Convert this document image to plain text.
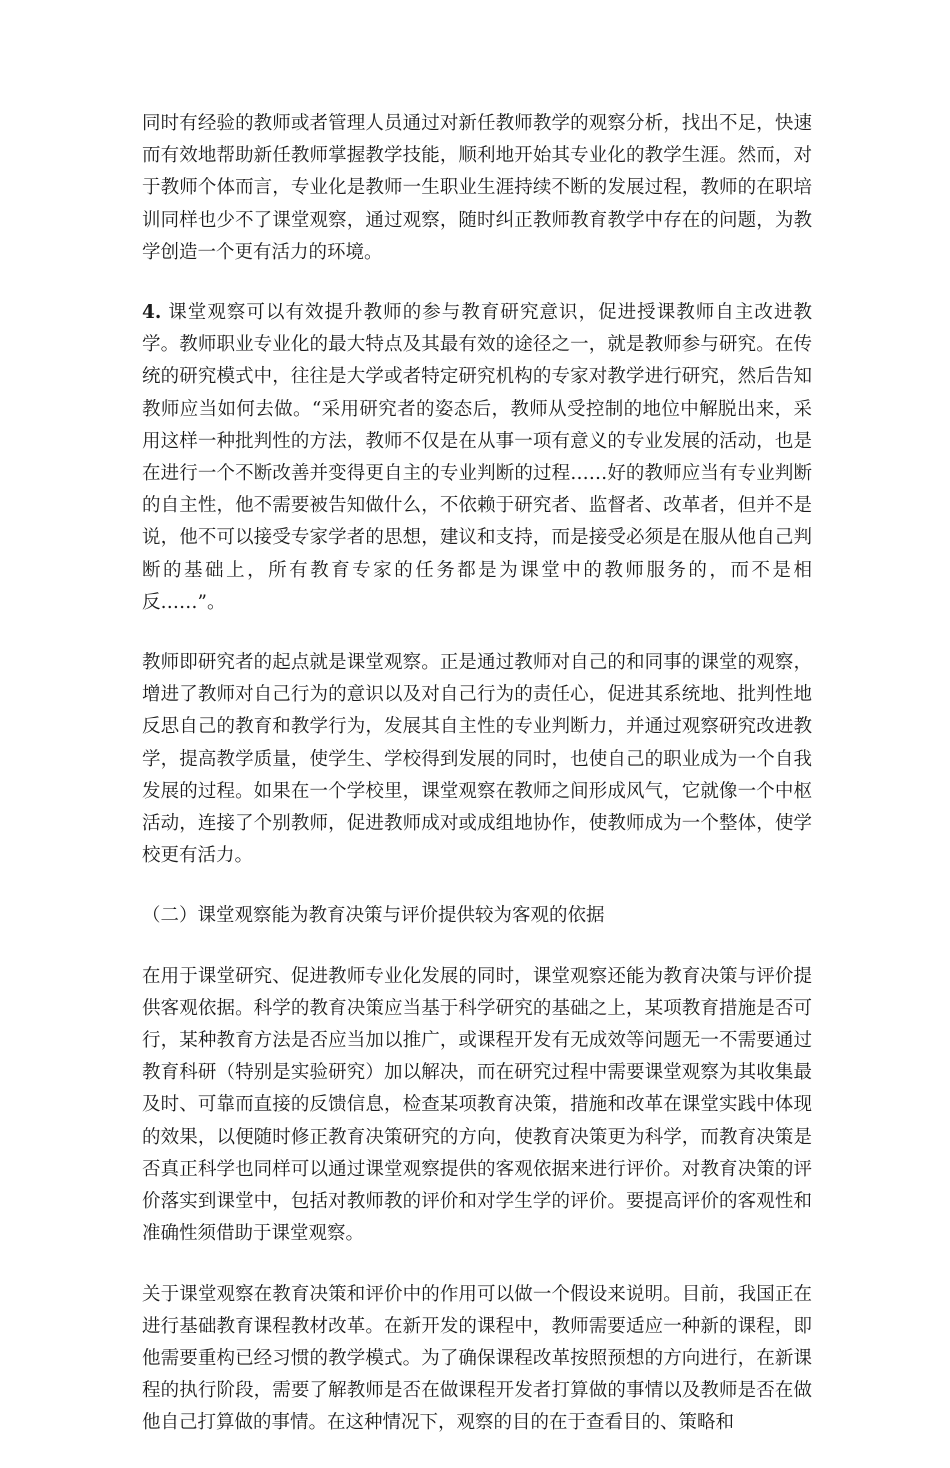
同时有经验的教师或者管理人员通过对新任教师教学的观察分析，找出不足，快速而有效地帮助新任教师掌握教学技能，顺利地开始其专业化的教学生涯。然而，对于教师个体而言，专业化是教师一生职业生涯持续不断的发展过程，教师的在职培训同样也少不了课堂观察，通过观察，随时纠正教师教育教学中存在的问题，为教学创造一个更有活力的环境。

4. 课堂观察可以有效提升教师的参与教育研究意识，促进授课教师自主改进教学。教师职业专业化的最大特点及其最有效的途径之一，就是教师参与研究。在传统的研究模式中，往往是大学或者特定研究机构的专家对教学进行研究，然后告知教师应当如何去做。“采用研究者的姿态后，教师从受控制的地位中解脱出来，采用这样一种批判性的方法，教师不仅是在从事一项有意义的专业发展的活动，也是在进行一个不断改善并变得更自主的专业判断的过程……好的教师应当有专业判断的自主性，他不需要被告知做什么，不依赖于研究者、监督者、改革者，但并不是说，他不可以接受专家学者的思想，建议和支持，而是接受必须是在服从他自己判断的基础上，所有教育专家的任务都是为课堂中的教师服务的，而不是相反……”。

教师即研究者的起点就是课堂观察。正是通过教师对自己的和同事的课堂的观察，增进了教师对自己行为的意识以及对自己行为的责任心，促进其系统地、批判性地反思自己的教育和教学行为，发展其自主性的专业判断力，并通过观察研究改进教学，提高教学质量，使学生、学校得到发展的同时，也使自己的职业成为一个自我发展的过程。如果在一个学校里，课堂观察在教师之间形成风气，它就像一个中枢活动，连接了个别教师，促进教师成对或成组地协作，使教师成为一个整体，使学校更有活力。

（二）课堂观察能为教育决策与评价提供较为客观的依据

在用于课堂研究、促进教师专业化发展的同时，课堂观察还能为教育决策与评价提供客观依据。科学的教育决策应当基于科学研究的基础之上，某项教育措施是否可行，某种教育方法是否应当加以推广，或课程开发有无成效等问题无一不需要通过教育科研（特别是实验研究）加以解决，而在研究过程中需要课堂观察为其收集最及时、可靠而直接的反馈信息，检查某项教育决策，措施和改革在课堂实践中体现的效果，以便随时修正教育决策研究的方向，使教育决策更为科学，而教育决策是否真正科学也同样可以通过课堂观察提供的客观依据来进行评价。对教育决策的评价落实到课堂中，包括对教师教的评价和对学生学的评价。要提高评价的客观性和准确性须借助于课堂观察。

关于课堂观察在教育决策和评价中的作用可以做一个假设来说明。目前，我国正在进行基础教育课程教材改革。在新开发的课程中，教师需要适应一种新的课程，即他需要重构已经习惯的教学模式。为了确保课程改革按照预想的方向进行，在新课程的执行阶段，需要了解教师是否在做课程开发者打算做的事情以及教师是否在做他自己打算做的事情。在这种情况下，观察的目的在于查看目的、策略和
